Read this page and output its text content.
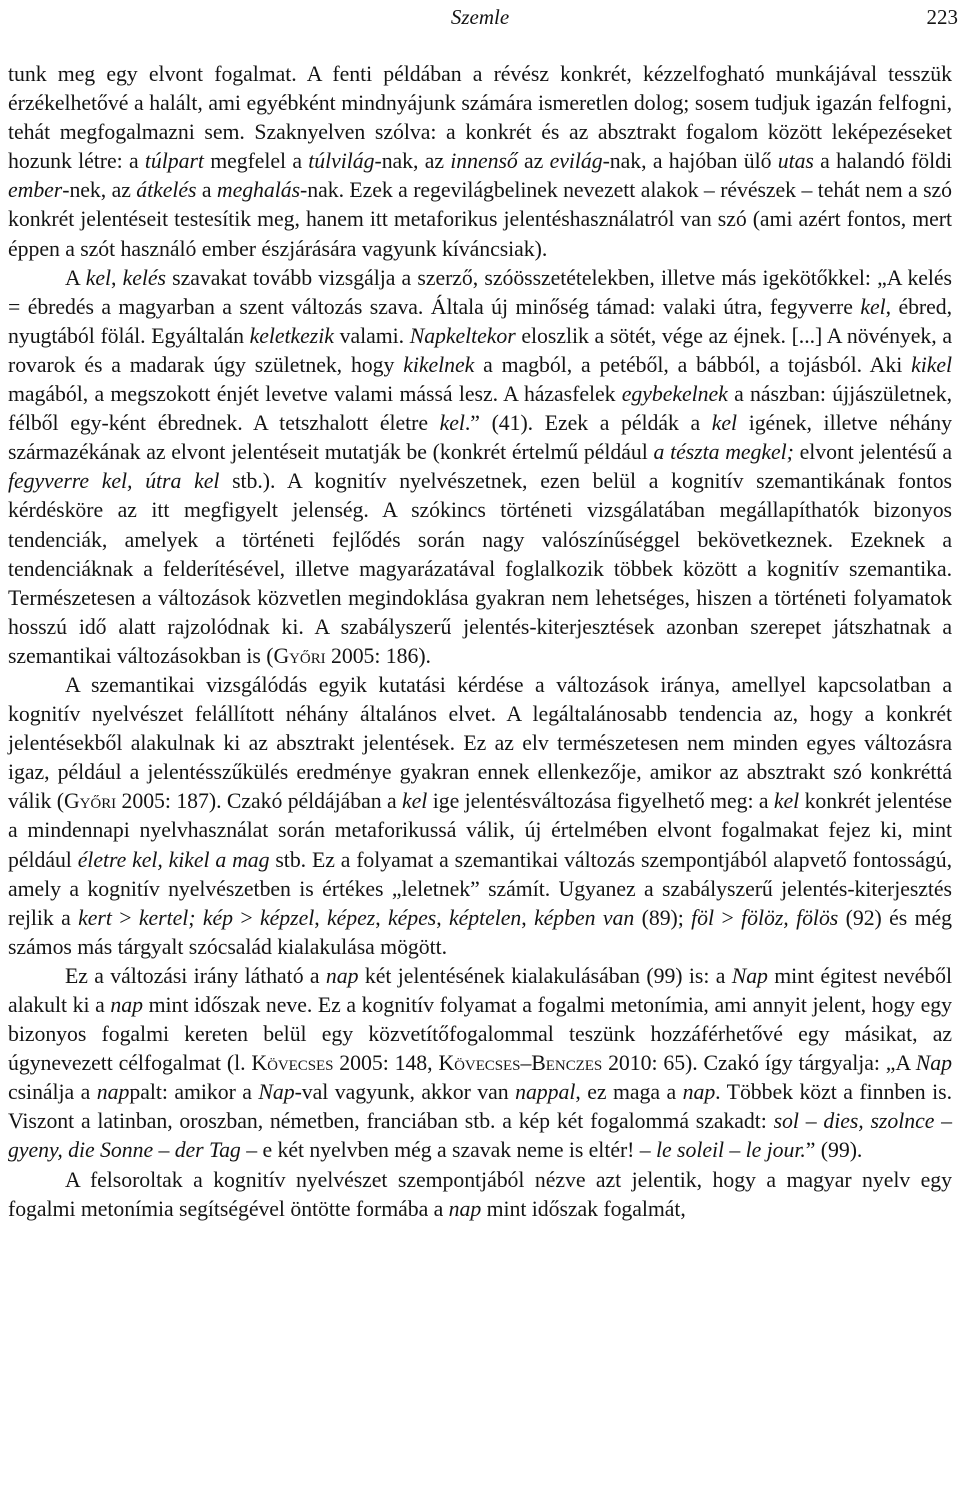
Szemle	223

tunk meg egy elvont fogalmat. A fenti példában a révész konkrét, kézzelfogható munkájával tesszük érzékelhetővé a halált, ami egyébként mindnyájunk számára ismeretlen dolog; sosem tudjuk igazán felfogni, tehát megfogalmazni sem. Szaknyelven szólva: a konkrét és az absztrakt fogalom között leképezéseket hozunk létre: a túlpart megfelel a túlvilág-nak, az innenső az evilág-nak, a hajóban ülő utas a halandó földi ember-nek, az átkelés a meghalás-nak. Ezek a regevilágbelinek nevezett alakok – révészek – tehát nem a szó konkrét jelentéseit testesítik meg, hanem itt metaforikus jelentéshasználatról van szó (ami azért fontos, mert éppen a szót használó ember észjárására vagyunk kíváncsiak).

A kel, kelés szavakat tovább vizsgálja a szerző, szóösszetételekben, illetve más igekötőkkel: „A kelés = ébredés a magyarban a szent változás szava. Általa új minőség támad: valaki útra, fegyverre kel, ébred, nyugtából fölál. Egyáltalán keletkezik valami. Napkeltekor eloszlik a sötét, vége az éjnek. [...] A növények, a rovarok és a madarak úgy születnek, hogy kikelnek a magból, a petéből, a bábból, a tojásból. Aki kikel magából, a megszokott énjét levetve valami mássá lesz. A házasfelek egybekelnek a nászban: újjászületnek, félből egy-ként ébrednek. A tetszhalott életre kel.” (41). Ezek a példák a kel igének, illetve néhány származékának az elvont jelentéseit mutatják be (konkrét értelmű például a tészta megkel; elvont jelentésű a fegyverre kel, útra kel stb.). A kognitív nyelvészetnek, ezen belül a kognitív szemantikának fontos kérdésköre az itt megfigyelt jelenség. A szókincs történeti vizsgálatában megállapíthatók bizonyos tendenciák, amelyek a történeti fejlődés során nagy valószínűséggel bekövetkeznek. Ezeknek a tendenciáknak a felderítésével, illetve magyarázatával foglalkozik többek között a kognitív szemantika. Természetesen a változások közvetlen megindoklása gyakran nem lehetséges, hiszen a történeti folyamatok hosszú idő alatt rajzolódnak ki. A szabályszerű jelentés-kiterjesztések azonban szerepet játszhatnak a szemantikai változásokban is (Győri 2005: 186).

A szemantikai vizsgálódás egyik kutatási kérdése a változások iránya, amellyel kapcsolatban a kognitív nyelvészet felállított néhány általános elvet. A legáltalánosabb tendencia az, hogy a konkrét jelentésekből alakulnak ki az absztrakt jelentések. Ez az elv természetesen nem minden egyes változásra igaz, például a jelentésszűkülés eredménye gyakran ennek ellenkezője, amikor az absztrakt szó konkréttá válik (Győri 2005: 187). Czakó példájában a kel ige jelentésváltozása figyelhető meg: a kel konkrét jelentése a mindennapi nyelvhasználat során metaforikussá válik, új értelmében elvont fogalmakat fejez ki, mint például életre kel, kikel a mag stb. Ez a folyamat a szemantikai változás szempontjából alapvető fontosságú, amely a kognitív nyelvészetben is értékes „leletnek” számít. Ugyanez a szabályszerű jelentés-kiterjesztés rejlik a kert > kertel; kép > képzel, képez, képes, képtelen, képben van (89); föl > fölöz, fölös (92) és még számos más tárgyalt szócsalád kialakulása mögött.

Ez a változási irány látható a nap két jelentésének kialakulásában (99) is: a Nap mint égitest nevéből alakult ki a nap mint időszak neve. Ez a kognitív folyamat a fogalmi metonímia, ami annyit jelent, hogy egy bizonyos fogalmi kereten belül egy közvetítőfogalommal teszünk hozzáférhetővé egy másikat, az úgynevezett célfogalmat (l. Kövecses 2005: 148, Kövecses–Benczes 2010: 65). Czakó így tárgyalja: „A Nap csinálja a nappalt: amikor a Nap-val vagyunk, akkor van nappal, ez maga a nap. Többek közt a finnben is. Viszont a latinban, oroszban, németben, franciában stb. a kép két fogalommá szakadt: sol – dies, szolnce – gyeny, die Sonne – der Tag – e két nyelvben még a szavak neme is eltér! – le soleil – le jour.” (99).

A felsoroltak a kognitív nyelvészet szempontjából nézve azt jelentik, hogy a magyar nyelv egy fogalmi metonímia segítségével öntötte formába a nap mint időszak fogalmát,
